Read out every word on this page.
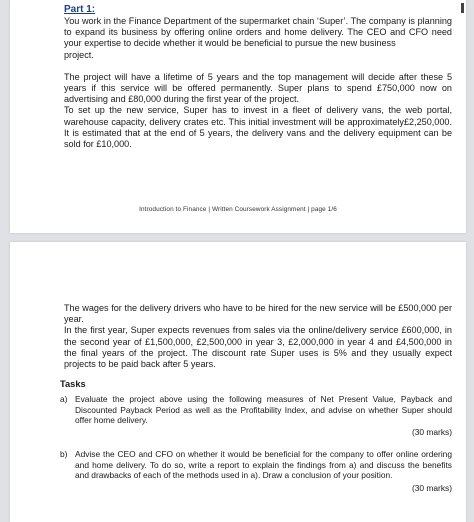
Part 1:

You work in the Finance Department of the supermarket chain ‘Super’. The company is planning to expand its business by offering online orders and home delivery. The CEO and CFO need your expertise to decide whether it would be beneficial to pursue the new business

project.

The project will have a lifetime of 5 years and the top management will decide after these 5 years if this service will be offered permanently. Super plans to spend £750,000 now on advertising and £80,000 during the first year of the project.

To set up the new service, Super has to invest in a fleet of delivery vans, the web portal, warehouse capacity, delivery crates etc. This initial investment will be approximately£2,250,000. It is estimated that at the end of 5 years, the delivery vans and the delivery equipment can be sold for £10,000.

Introduction to Finance | Written Coursework Assignment | page 1/6

The wages for the delivery drivers who have to be hired for the new service will be £500,000 per year.

In the first year, Super expects revenues from sales via the online/delivery service £600,000, in the second year of £1,500,000, £2,500,000 in year 3, £2,000,000 in year 4 and £4,500,000 in the final years of the project. The discount rate Super uses is 5% and they usually expect projects to be paid back after 5 years.

Tasks
a) Evaluate the project above using the following measures of Net Present Value, Payback and Discounted Payback Period as well as the Profitability Index, and advise on whether Super should offer home delivery.

(30 marks)

b) Advise the CEO and CFO on whether it would be beneficial for the company to offer online ordering and home delivery. To do so, write a report to explain the findings from a) and discuss the benefits and drawbacks of each of the methods used in a). Draw a conclusion of your position.

(30 marks)
